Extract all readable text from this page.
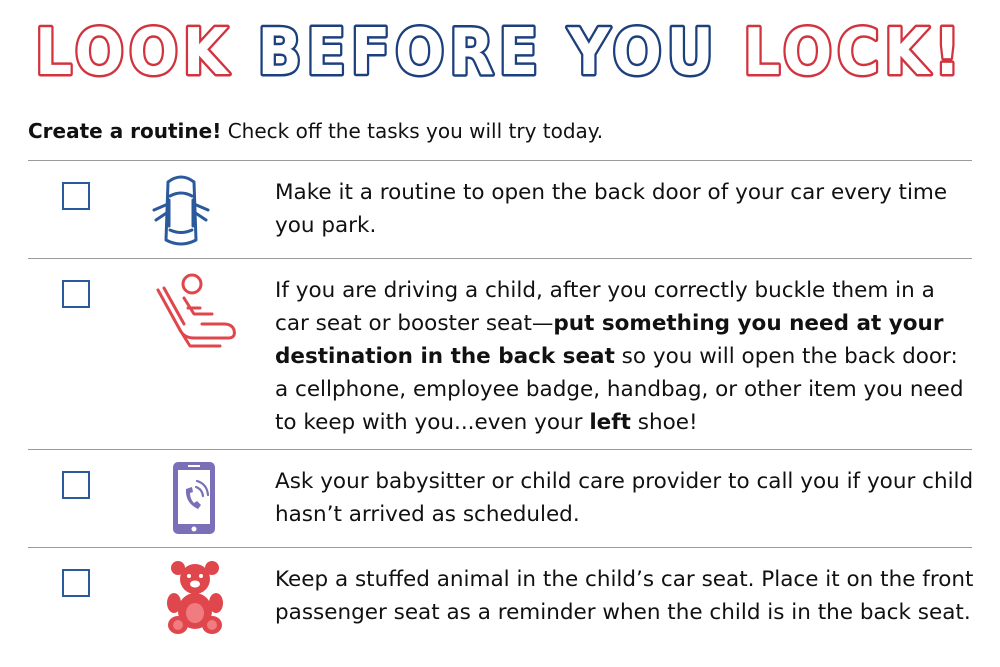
LOOK BEFORE YOU LOCK!
Create a routine! Check off the tasks you will try today.
Make it a routine to open the back door of your car every time you park.
If you are driving a child, after you correctly buckle them in a car seat or booster seat—put something you need at your destination in the back seat so you will open the back door: a cellphone, employee badge, handbag, or other item you need to keep with you...even your left shoe!
Ask your babysitter or child care provider to call you if your child hasn’t arrived as scheduled.
Keep a stuffed animal in the child’s car seat. Place it on the front passenger seat as a reminder when the child is in the back seat.
